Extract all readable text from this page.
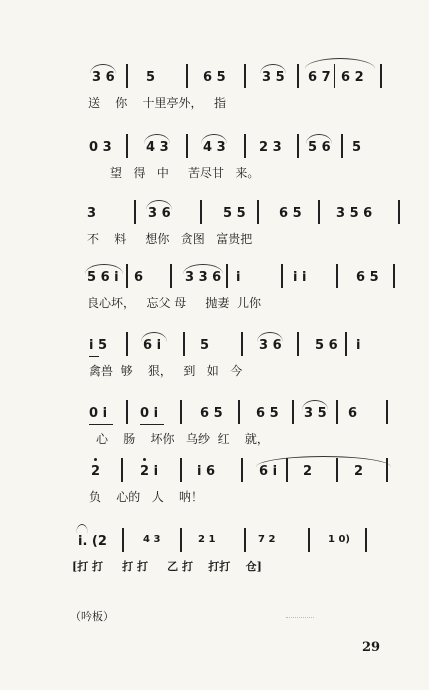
3 6 5	6 5	3 5 6 7 6 2
送    你    十里亭外，   指
0 3	4 3	4 3	2 3 5 6 5
望   得   中     苦尽甘   来。
3	3 6	5 5	6 5	3 5 6
不    料     想你   贪图   富贵把
5 6 i 6	3 3 6 i	i i	6 5
良心坏，   忘父 母     抛妻  儿你
i 5	6 i	5	3 6	5 6 i
禽兽  够    狠，   到   如   今
0 i	0 i	6 5	6 5 3 5 6
心    肠    坏你   乌纱  红    就，
2	2 i	i 6	6 i 2	2
负    心的   人    呐！
i. (2	4 3	2 1	7 2	1 0)
[打 打     打 打     乙 打    打打    仓]
（吟板）
29
